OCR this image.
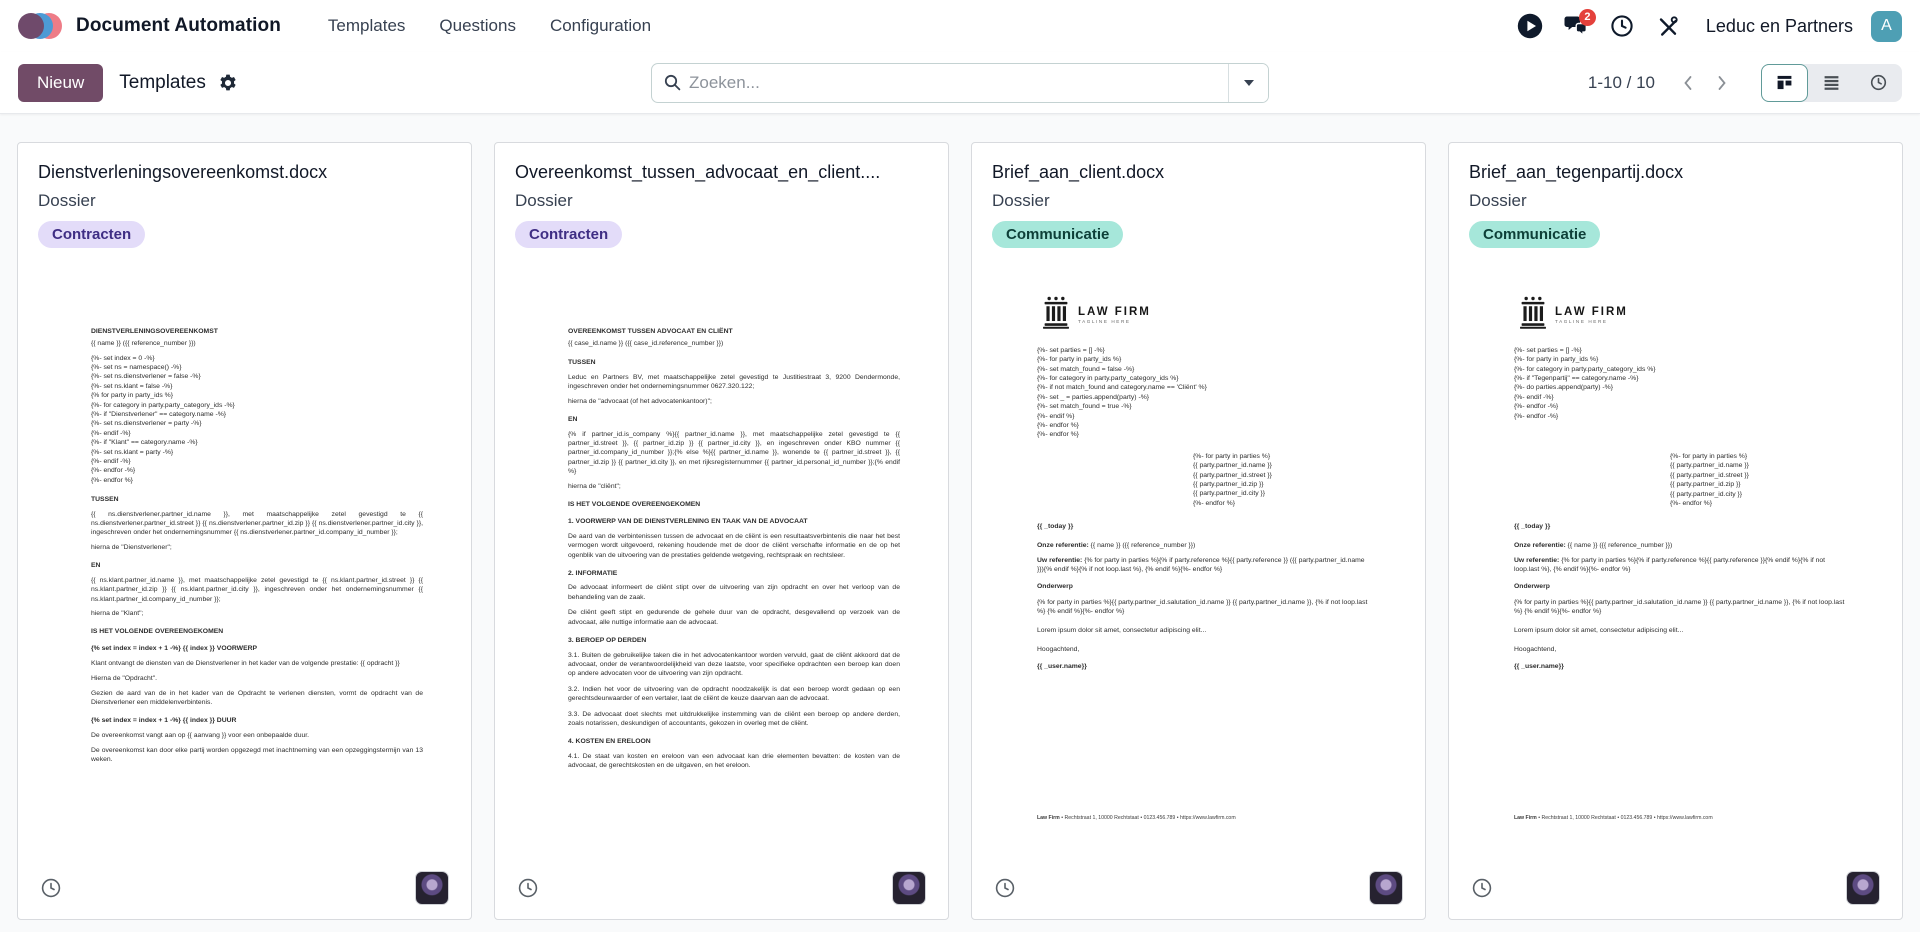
Document Automation	Templates	Questions	Configuration	2	Leduc en Partners	A
Nieuw	Templates
Zoeken...	1-10 / 10
Dienstverleningsovereenkomst.docx
Dossier
Contracten

DIENSTVERLENINGSOVEREENKOMST

{{ name }} ({{ reference_number }})

{%- set index = 0 -%}

{%- set ns = namespace() -%}

{%- set ns.dienstverlener = false -%}

{%- set ns.klant = false -%}

{% for party in party_ids %}

{%- for category in party.party_category_ids -%}

{%- if "Dienstverlener" == category.name -%}

{%- set ns.dienstverlener = party -%}

{%- endif -%}

{%- if "Klant" == category.name -%}

{%- set ns.klant = party -%}

{%- endif -%}

{%- endfor -%}

{%- endfor %}

TUSSEN

{{ ns.dienstverlener.partner_id.name }}, met maatschappelijke zetel gevestigd te {{ ns.dienstverlener.partner_id.street }} {{ ns.dienstverlener.partner_id.zip }} {{ ns.dienstverlener.partner_id.city }}, ingeschreven onder het ondernemingsnummer {{ ns.dienstverlener.partner_id.company_id_number }};

hierna de "Dienstverlener";

EN

{{ ns.klant.partner_id.name }}, met maatschappelijke zetel gevestigd te {{ ns.klant.partner_id.street }} {{ ns.klant.partner_id.zip }} {{ ns.klant.partner_id.city }}, ingeschreven onder het ondernemingsnummer {{ ns.klant.partner_id.company_id_number }};

hierna de "Klant";

IS HET VOLGENDE OVEREENGEKOMEN

{% set index = index + 1 -%} {{ index }} VOORWERP

Klant ontvangt de diensten van de Dienstverlener in het kader van de volgende prestatie: {{ opdracht }}

Hierna de "Opdracht".

Gezien de aard van de in het kader van de Opdracht te verlenen diensten, vormt de opdracht van de Dienstverlener een middelenverbintenis.

{% set index = index + 1 -%} {{ index }} DUUR

De overeenkomst vangt aan op {{ aanvang }} voor een onbepaalde duur.

De overeenkomst kan door elke partij worden opgezegd met inachtneming van een opzeggingstermijn van 13 weken.

Overeenkomst_tussen_advocaat_en_client....
Dossier
Contracten

OVEREENKOMST TUSSEN ADVOCAAT EN CLIËNT

{{ case_id.name }} ({{ case_id.reference_number }})

TUSSEN

Leduc en Partners BV, met maatschappelijke zetel gevestigd te Justitiestraat 3, 9200 Dendermonde, ingeschreven onder het ondernemingsnummer 0627.320.122;

hierna de "advocaat (of het advocatenkantoor)";

EN

{% if partner_id.is_company %}{{ partner_id.name }}, met maatschappelijke zetel gevestigd te {{ partner_id.street }}, {{ partner_id.zip }} {{ partner_id.city }}, en ingeschreven onder KBO nummer {{ partner_id.company_id_number }};{% else %}{{ partner_id.name }}, wonende te {{ partner_id.street }}, {{ partner_id.zip }} {{ partner_id.city }}, en met rijksregisternummer {{ partner_id.personal_id_number }};{% endif %}

hierna de "cliënt";

IS HET VOLGENDE OVEREENGEKOMEN

1. VOORWERP VAN DE DIENSTVERLENING EN TAAK VAN DE ADVOCAAT

De aard van de verbintenissen tussen de advocaat en de cliënt is een resultaatsverbintenis die naar het best vermogen wordt uitgevoerd, rekening houdende met de door de cliënt verschafte informatie en de op het ogenblik van de uitvoering van de prestaties geldende wetgeving, rechtspraak en rechtsleer.

2. INFORMATIE

De advocaat informeert de cliënt stipt over de uitvoering van zijn opdracht en over het verloop van de behandeling van de zaak.

De cliënt geeft stipt en gedurende de gehele duur van de opdracht, desgevallend op verzoek van de advocaat, alle nuttige informatie aan de advocaat.

3. BEROEP OP DERDEN

3.1. Buiten de gebruikelijke taken die in het advocatenkantoor worden vervuld, gaat de cliënt akkoord dat de advocaat, onder de verantwoordelijkheid van deze laatste, voor specifieke opdrachten een beroep kan doen op andere advocaten voor de uitvoering van zijn opdracht.

3.2. Indien het voor de uitvoering van de opdracht noodzakelijk is dat een beroep wordt gedaan op een gerechtsdeurwaarder of een vertaler, laat de cliënt de keuze daarvan aan de advocaat.

3.3. De advocaat doet slechts met uitdrukkelijke instemming van de cliënt een beroep op andere derden, zoals notarissen, deskundigen of accountants, gekozen in overleg met de cliënt.

4. KOSTEN EN ERELOON

4.1. De staat van kosten en ereloon van een advocaat kan drie elementen bevatten: de kosten van de advocaat, de gerechtskosten en de uitgaven, en het ereloon.

Brief_aan_client.docx
Dossier
Communicatie
LAW FIRM
TAGLINE HERE

{%- set parties = [] -%}

{%- for party in party_ids %}

{%- set match_found = false -%}

{%- for category in party.party_category_ids %}

{%- if not match_found and category.name == 'Cliënt' %}

{%- set _ = parties.append(party) -%}

{%- set match_found = true -%}

{%- endif %}

{%- endfor %}

{%- endfor %}

{%- for party in parties %}

{{ party.partner_id.name }}

{{ party.partner_id.street }}

{{ party.partner_id.zip }}

{{ party.partner_id.city }}

{%- endfor %}

{{ _today }}

Onze referentie: {{ name }} ({{ reference_number }})

Uw referentie: {% for party in parties %}{% if party.reference %}{{ party.reference }} ({{ party.partner_id.name }}){% endif %}{% if not loop.last %}, {% endif %}{%- endfor %}

Onderwerp

{% for party in parties %}{{ party.partner_id.salutation_id.name }} {{ party.partner_id.name }}, {% if not loop.last %} {% endif %}{%- endfor %}

Lorem ipsum dolor sit amet, consectetur adipiscing elit...

Hoogachtend,

{{ _user.name}}

Law Firm • Rechtstraat 1, 10000 Rechtstaat • 0123.456.789 • https://www.lawfirm.com

Brief_aan_tegenpartij.docx
Dossier
Communicatie
LAW FIRM
TAGLINE HERE

{%- set parties = [] -%}

{%- for party in party_ids %}

{%- for category in party.party_category_ids %}

{%- if "Tegenpartij" == category.name -%}

{%- do parties.append(party) -%}

{%- endif -%}

{%- endfor -%}

{%- endfor -%}

{%- for party in parties %}

{{ party.partner_id.name }}

{{ party.partner_id.street }}

{{ party.partner_id.zip }}

{{ party.partner_id.city }}

{%- endfor %}

{{ _today }}

Onze referentie: {{ name }} ({{ reference_number }})

Uw referentie: {% for party in parties %}{% if party.reference %}{{ party.reference }}{% endif %}{% if not loop.last %}, {% endif %}{%- endfor %}

Onderwerp

{% for party in parties %}{{ party.partner_id.salutation_id.name }} {{ party.partner_id.name }}, {% if not loop.last %} {% endif %}{%- endfor %}

Lorem ipsum dolor sit amet, consectetur adipiscing elit...

Hoogachtend,

{{ _user.name}}

Law Firm • Rechtstraat 1, 10000 Rechtstaat • 0123.456.789 • https://www.lawfirm.com
